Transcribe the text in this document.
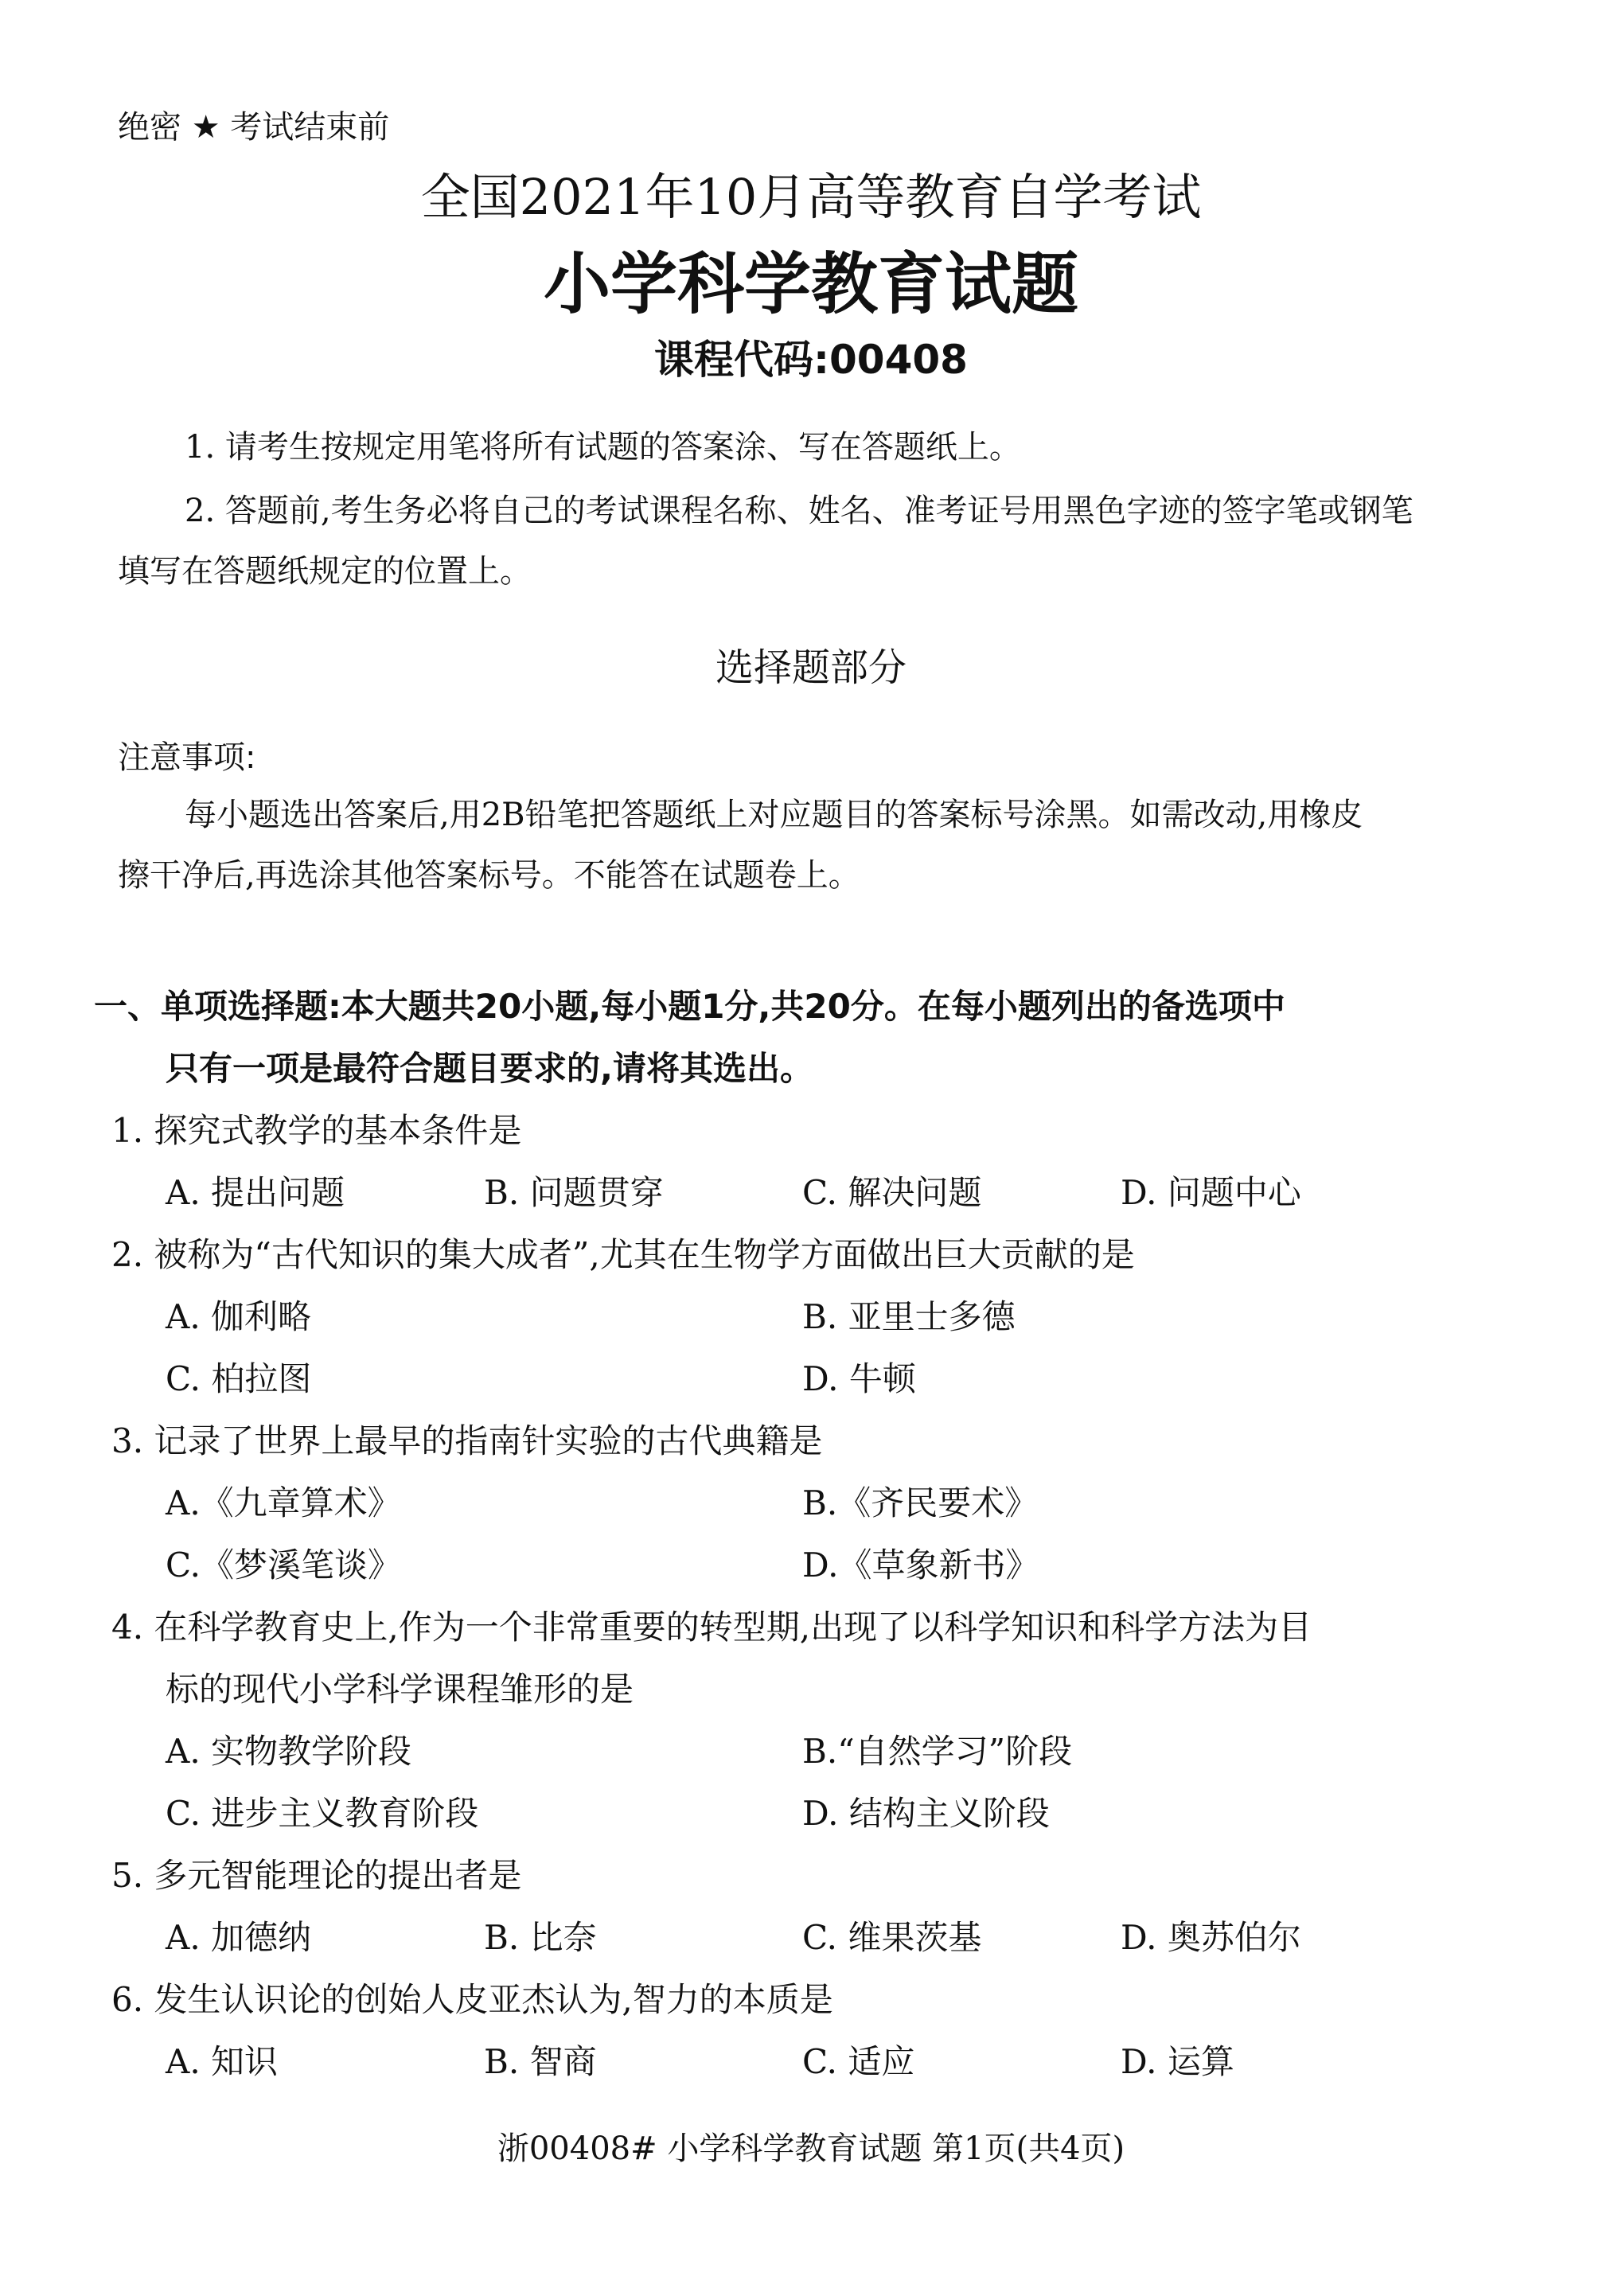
绝密 ★ 考试结束前
全国2021年10月高等教育自学考试
小学科学教育试题
课程代码:00408
1. 请考生按规定用笔将所有试题的答案涂、写在答题纸上。
2. 答题前,考生务必将自己的考试课程名称、姓名、准考证号用黑色字迹的签字笔或钢笔
填写在答题纸规定的位置上。
选择题部分
注意事项:
每小题选出答案后,用2B铅笔把答题纸上对应题目的答案标号涂黑。如需改动,用橡皮
擦干净后,再选涂其他答案标号。不能答在试题卷上。
一、单项选择题:本大题共20小题,每小题1分,共20分。在每小题列出的备选项中
只有一项是最符合题目要求的,请将其选出。
1. 探究式教学的基本条件是
A. 提出问题	B. 问题贯穿	C. 解决问题	D. 问题中心
2. 被称为“古代知识的集大成者”,尤其在生物学方面做出巨大贡献的是
A. 伽利略	B. 亚里士多德
C. 柏拉图	D. 牛顿
3. 记录了世界上最早的指南针实验的古代典籍是
A.《九章算术》	B.《齐民要术》
C.《梦溪笔谈》	D.《草象新书》
4. 在科学教育史上,作为一个非常重要的转型期,出现了以科学知识和科学方法为目
标的现代小学科学课程雏形的是
A. 实物教学阶段	B.“自然学习”阶段
C. 进步主义教育阶段	D. 结构主义阶段
5. 多元智能理论的提出者是
A. 加德纳	B. 比奈	C. 维果茨基	D. 奥苏伯尔
6. 发生认识论的创始人皮亚杰认为,智力的本质是
A. 知识	B. 智商	C. 适应	D. 运算
浙00408# 小学科学教育试题 第1页(共4页)
